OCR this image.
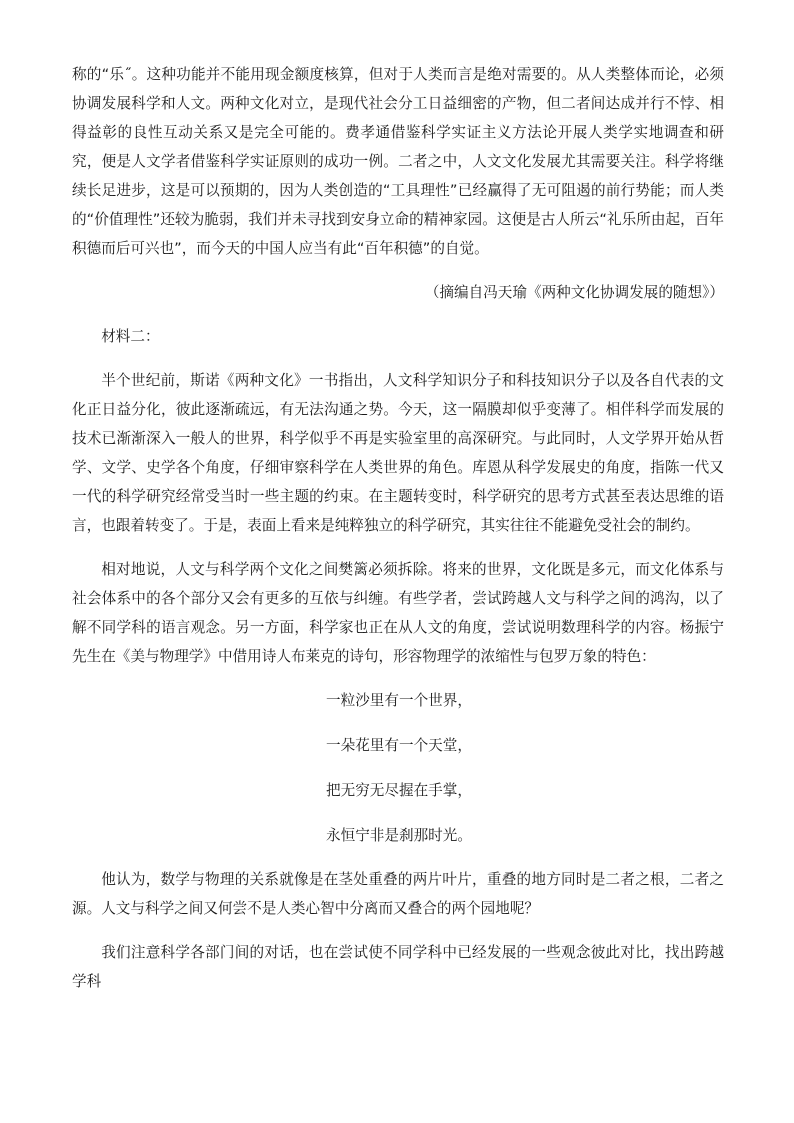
称的“乐˝。这种功能并不能用现金额度核算，但对于人类而言是绝对需要的。从人类整体而论，必须协调发展科学和人文。两种文化对立，是现代社会分工日益细密的产物，但二者间达成并行不悖、相得益彰的良性互动关系又是完全可能的。费孝通借鉴科学实证主义方法论开展人类学实地调查和研究，便是人文学者借鉴科学实证原则的成功一例。二者之中，人文文化发展尤其需要关注。科学将继续长足进步，这是可以预期的，因为人类创造的“工具理性”已经赢得了无可阻遏的前行势能；而人类的“价值理性”还较为脆弱，我们并未寻找到安身立命的精神家园。这便是古人所云“礼乐所由起，百年积德而后可兴也”，而今天的中国人应当有此“百年积德”的自觉。

（摘编自冯天瑜《两种文化协调发展的随想》）

材料二：

半个世纪前，斯诺《两种文化》一书指出，人文科学知识分子和科技知识分子以及各自代表的文化正日益分化，彼此逐渐疏远，有无法沟通之势。今天，这一隔膜却似乎变薄了。相伴科学而发展的技术已渐渐深入一般人的世界，科学似乎不再是实验室里的高深研究。与此同时，人文学界开始从哲学、文学、史学各个角度，仔细审察科学在人类世界的角色。库恩从科学发展史的角度，指陈一代又一代的科学研究经常受当时一些主题的约束。在主题转变时，科学研究的思考方式甚至表达思维的语言，也跟着转变了。于是，表面上看来是纯粹独立的科学研究，其实往往不能避免受社会的制约。

相对地说，人文与科学两个文化之间樊篱必须拆除。将来的世界，文化既是多元，而文化体系与社会体系中的各个部分又会有更多的互依与纠缠。有些学者，尝试跨越人文与科学之间的鸿沟，以了解不同学科的语言观念。另一方面，科学家也正在从人文的角度，尝试说明数理科学的内容。杨振宁先生在《美与物理学》中借用诗人布莱克的诗句，形容物理学的浓缩性与包罗万象的特色：

一粒沙里有一个世界，
一朵花里有一个天堂，
把无穷无尽握在手掌，
永恒宁非是刹那时光。

他认为，数学与物理的关系就像是在茎处重叠的两片叶片，重叠的地方同时是二者之根，二者之源。人文与科学之间又何尝不是人类心智中分离而又叠合的两个园地呢？

我们注意科学各部门间的对话，也在尝试使不同学科中已经发展的一些观念彼此对比，找出跨越学科
